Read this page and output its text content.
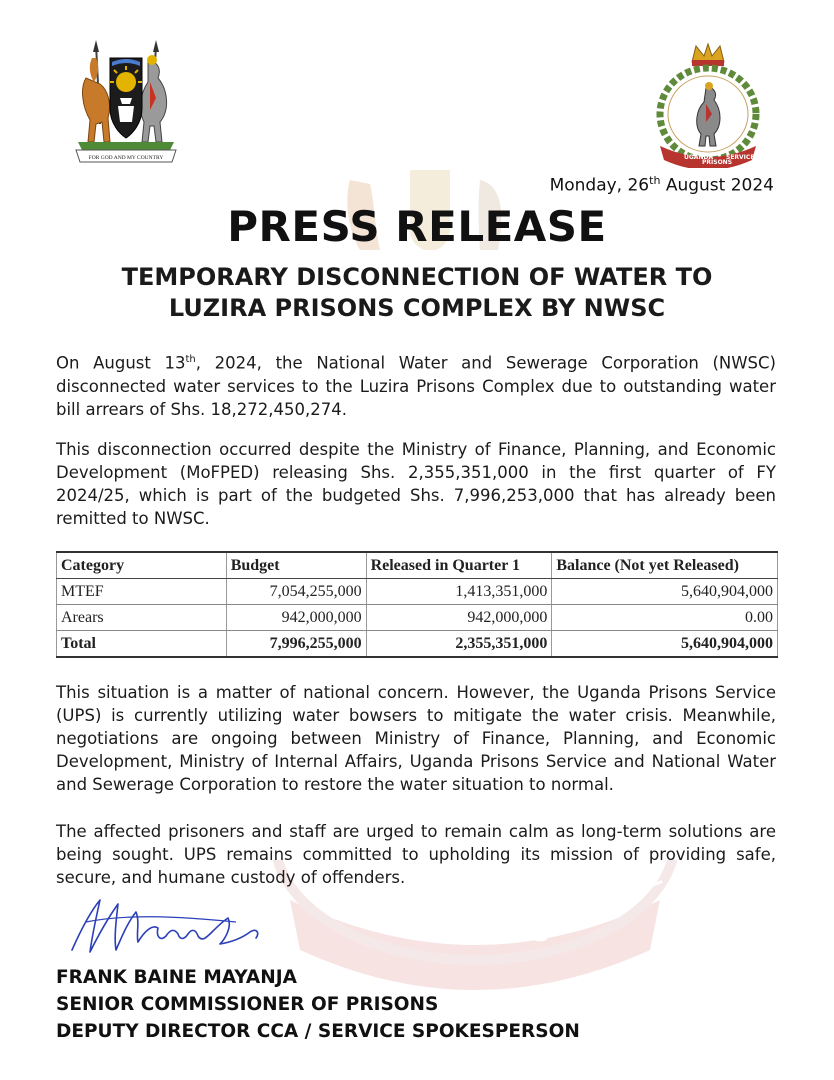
FOR GOD AND MY COUNTRY	UGANDA
PRISONS
SERVICE
PRISONS
SERVICE
Monday, 26th August 2024
PRESS RELEASE
TEMPORARY DISCONNECTION OF WATER TO
LUZIRA PRISONS COMPLEX BY NWSC
On August 13th, 2024, the National Water and Sewerage Corporation (NWSC) disconnected water services to the Luzira Prisons Complex due to outstanding water bill arrears of Shs. 18,272,450,274.
This disconnection occurred despite the Ministry of Finance, Planning, and Economic Development (MoFPED) releasing Shs. 2,355,351,000 in the first quarter of FY 2024/25, which is part of the budgeted Shs. 7,996,253,000 that has already been remitted to NWSC.
Category	Budget	Released in Quarter 1	Balance (Not yet Released)
MTEF	7,054,255,000	1,413,351,000	5,640,904,000
Arears	942,000,000	942,000,000	0.00
Total	7,996,255,000	2,355,351,000	5,640,904,000
This situation is a matter of national concern. However, the Uganda Prisons Service (UPS) is currently utilizing water bowsers to mitigate the water crisis. Meanwhile, negotiations are ongoing between Ministry of Finance, Planning, and Economic Development, Ministry of Internal Affairs, Uganda Prisons Service and National Water and Sewerage Corporation to restore the water situation to normal.
The affected prisoners and staff are urged to remain calm as long-term solutions are being sought. UPS remains committed to upholding its mission of providing safe, secure, and humane custody of offenders.
FRANK BAINE MAYANJA
SENIOR COMMISSIONER OF PRISONS
DEPUTY DIRECTOR CCA / SERVICE SPOKESPERSON
